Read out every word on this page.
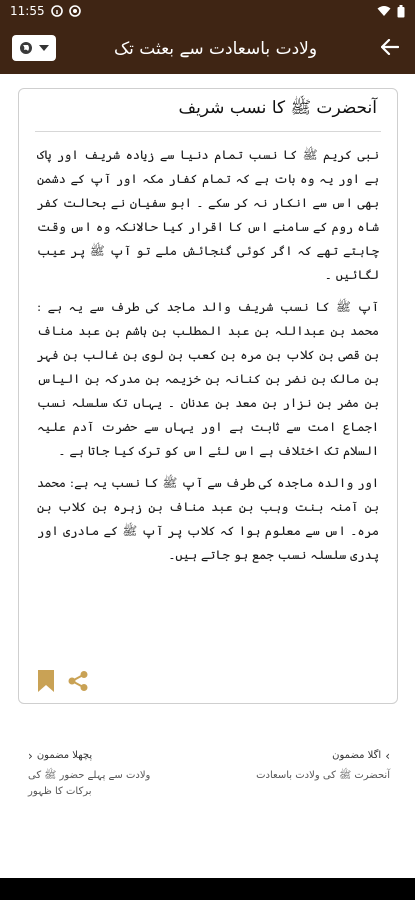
11:55
ولادت باسعادت سے بعثت تک
آنحضرت ﷺ کا نسب شریف

نبی کریم ﷺ کا نسب تمام دنیا سے زیادہ شریف اور پاک ہے اور یہ وہ بات ہے کہ تمام کفار مکہ اور آپ کے دشمن بھی اس سے انکار نہ کر سکے ۔ ابو سفیان نے بحالت کفر شاہ روم کے سامنے اس کا اقرار کیا حالانکہ وہ اس وقت چاہتے تھے کہ اگر کوئی گنجائش ملے تو آپ ﷺ پر عیب لگائیں ۔

آپ ﷺ کا نسب شریف والد ماجد کی طرف سے یہ ہے : محمد بن عبداللہ بن عبد المطلب بن ہاشم بن عبد مناف بن قصی بن کلاب بن مرہ بن کعب بن لوی بن غالب بن فہر بن مالک بن نضر بن کنانہ بن خزیمہ بن مدرکہ بن الیاس بن مضر بن نزار بن معد بن عدنان ۔ یہاں تک سلسلہ نسب اجماع امت سے ثابت ہے اور یہاں سے حضرت آدم علیہ السلام تک اختلاف ہے اس لئے اس کو ترک کیا جاتا ہے ۔

اور والدہ ماجدہ کی طرف سے آپ ﷺ کا نسب یہ ہے: محمد بن آمنہ بنت وہب بن عبد مناف بن زہرہ بن کلاب بن مرہ۔ اس سے معلوم ہوا کہ کلاب پر آپ ﷺ کے مادری اور پدری سلسلہ نسب جمع ہو جاتے ہیں۔

پچھلا مضمون
‹
ولادت سے پہلے حضور ﷺ کی برکات کا ظہور
›
اگلا مضمون
آنحضرت ﷺ کی ولادت باسعادت
